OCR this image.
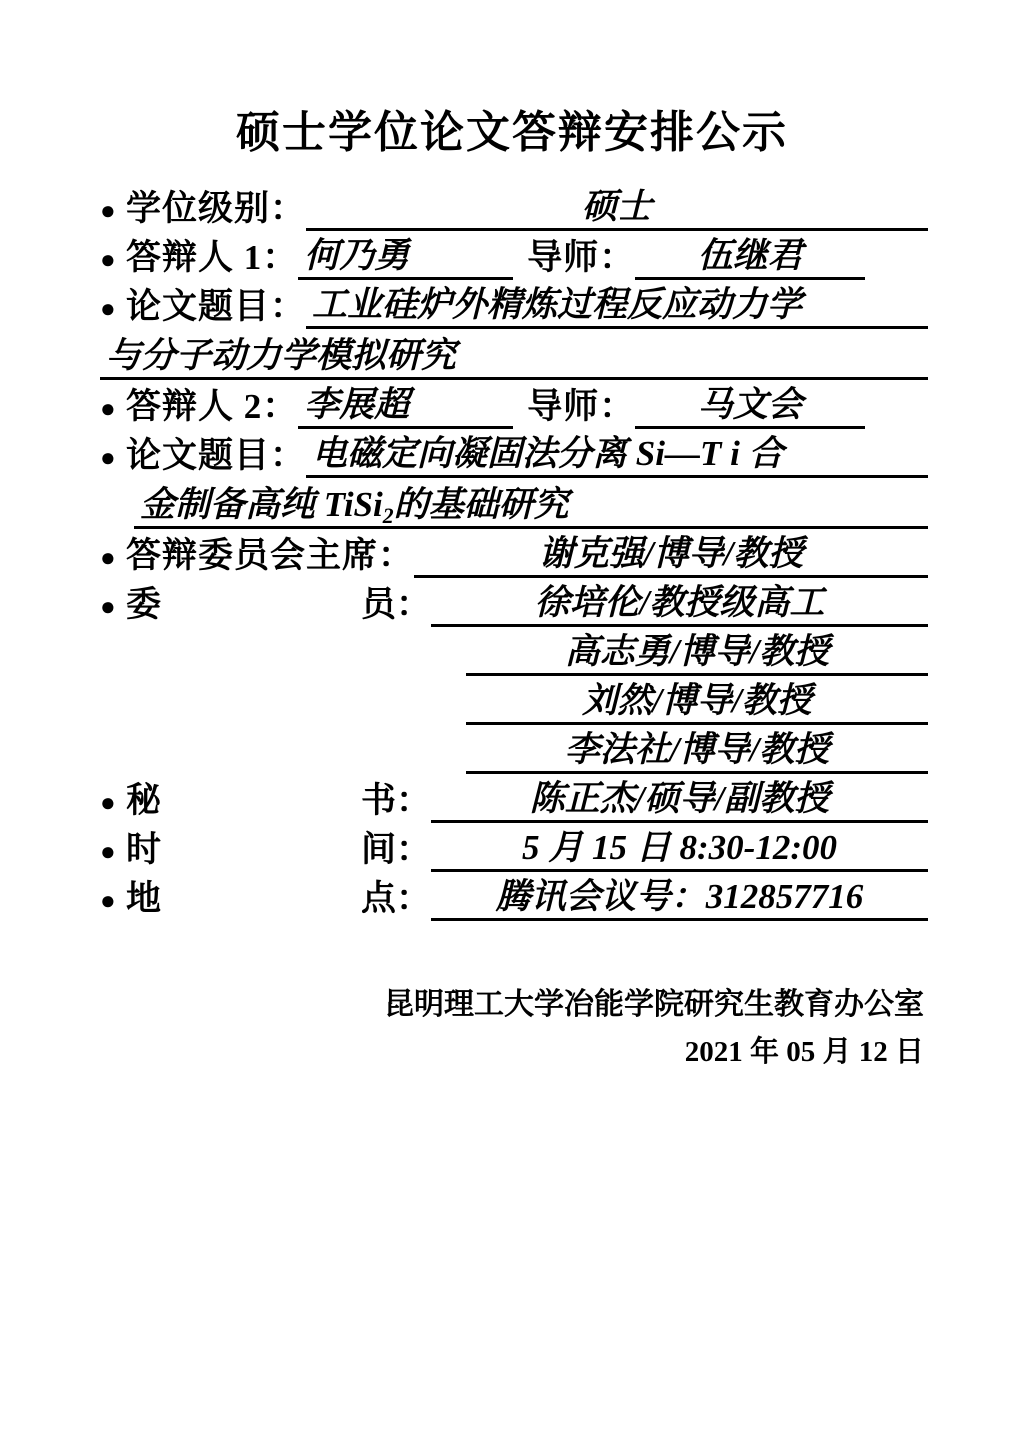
硕士学位论文答辩安排公示
● 学位级别：	硕士
● 答辩人 1： 何乃勇	导师：	伍继君
● 论文题目： 工业硅炉外精炼过程反应动力学
与分子动力学模拟研究
● 答辩人 2： 李展超	导师：	马文会
● 论文题目： 电磁定向凝固法分离 Si—T i 合
金制备高纯 TiSi$_2$的基础研究
● 答辩委员会主席：	谢克强/博导/教授
● 委	员：	徐培伦/教授级高工
高志勇/博导/教授
刘然/博导/教授
李法社/博导/教授
● 秘	书：	陈正杰/硕导/副教授
● 时	间：	5 月 15 日 8:30-12:00
● 地	点：	腾讯会议号：312857716
昆明理工大学冶能学院研究生教育办公室
2021 年 05 月 12 日
